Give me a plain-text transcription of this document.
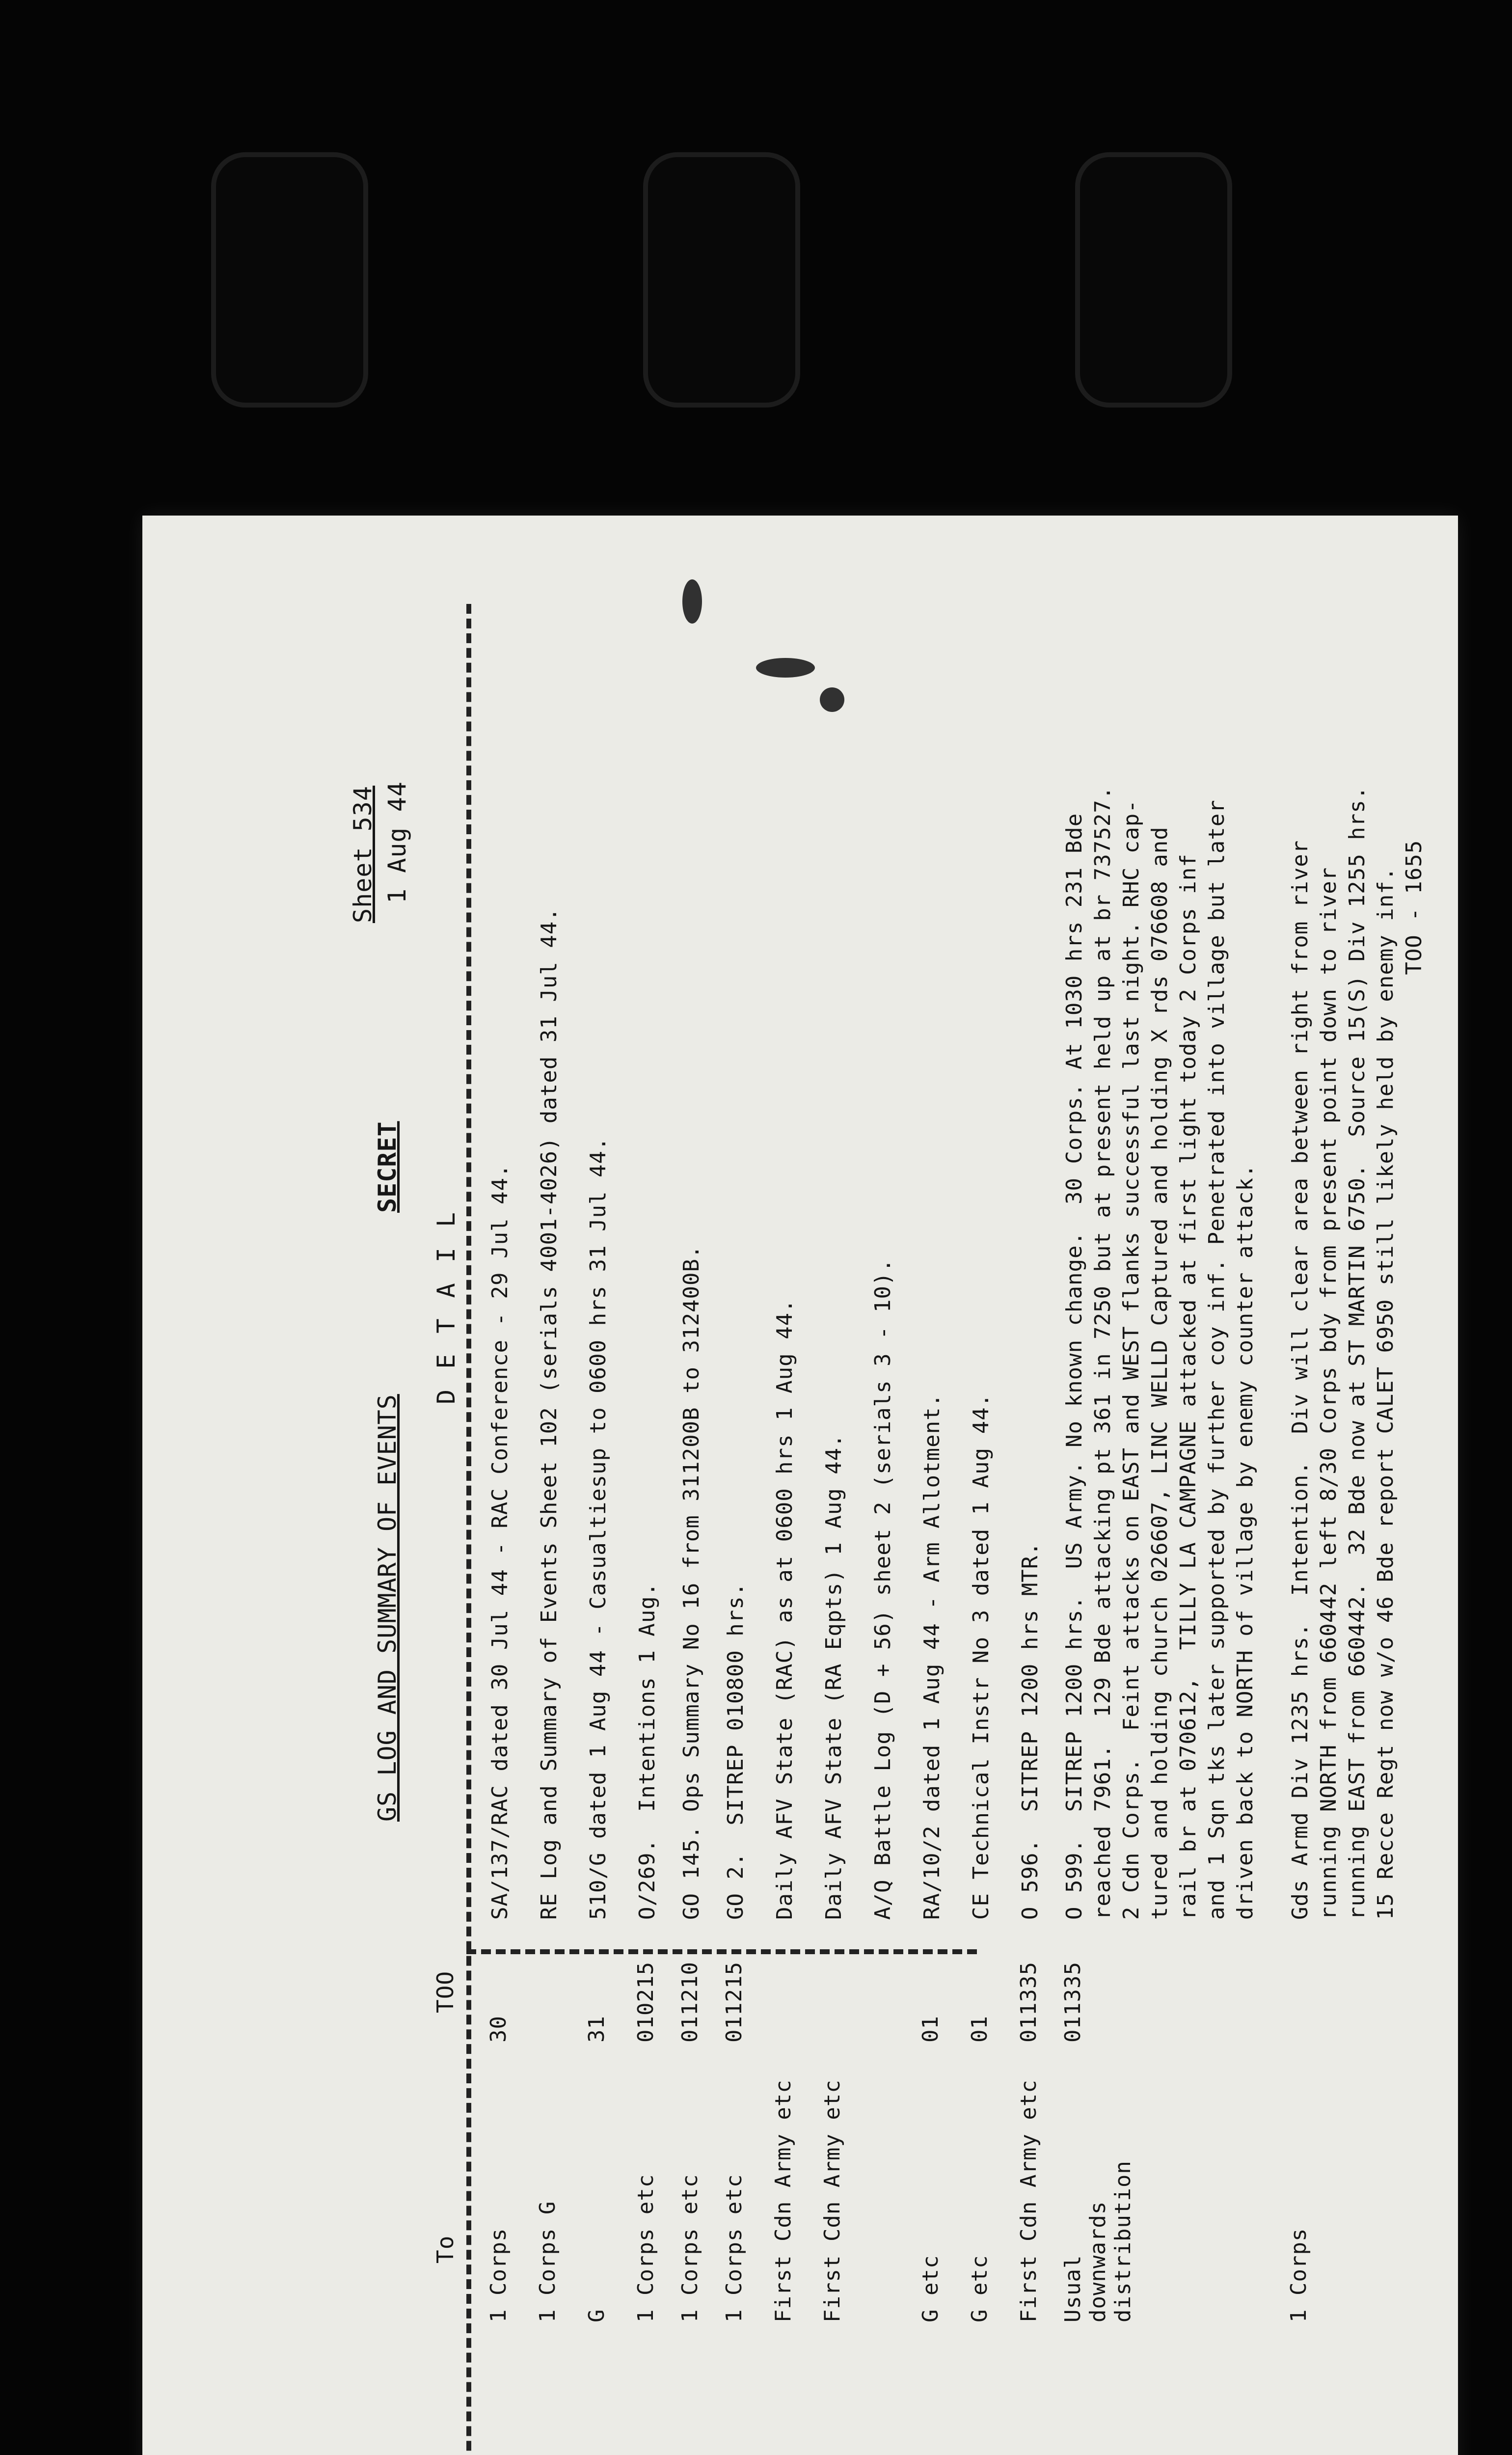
GS LOG AND SUMMARY OF EVENTS
SECRET
Sheet 534 1 Aug 44
To
TOO
D E T A I L
1 Corps
30
SA/137/RAC dated 30 Jul 44 - RAC Conference - 29 Jul 44.
1 Corps G
RE Log and Summary of Events Sheet 102 (serials 4001-4026) dated 31 Jul 44.
G
31
510/G dated 1 Aug 44 - Casualtiesup to 0600 hrs 31 Jul 44.
1 Corps etc
010215
O/269.  Intentions 1 Aug.
1 Corps etc
011210
GO 145. Ops Summary No 16 from 311200B to 312400B.
1 Corps etc
011215
GO 2.  SITREP 010800 hrs.
First Cdn Army etc
Daily AFV State (RAC) as at 0600 hrs 1 Aug 44.
First Cdn Army etc
Daily AFV State (RA Eqpts) 1 Aug 44. A/Q Battle Log (D + 56) sheet 2 (serials 3 - 10).
G etc
01
RA/10/2 dated 1 Aug 44 - Arm Allotment.
G etc
01
CE Technical Instr No 3 dated 1 Aug 44.
First Cdn Army etc
011335
O 596.  SITREP 1200 hrs MTR.
Usual downwards distribution
011335
O 599.  SITREP 1200 hrs.  US Army. No known change.  30 Corps. At 1030 hrs 231 Bde
reached 7961.  129 Bde attacking pt 361 in 7250 but at present held up at br 737527.
2 Cdn Corps.  Feint attacks on EAST and WEST flanks successful last night. RHC cap-
tured and holding church 026607, LINC WELLD Captured and holding X rds 076608 and
rail br at 070612,  TILLY LA CAMPAGNE attacked at first light today 2 Corps inf
and 1 Sqn tks later supported by further coy inf. Penetrated into village but later
driven back to NORTH of village by enemy counter attack.
1 Corps
Gds Armd Div 1235 hrs.  Intention.  Div will clear area between right from river
running NORTH from 660442 left 8/30 Corps bdy from present point down to river
running EAST from 660442.  32 Bde now at ST MARTIN 6750.  Source 15(S) Div 1255 hrs.
15 Recce Regt now w/o 46 Bde report CALET 6950 still likely held by enemy inf.
TOO - 1655
